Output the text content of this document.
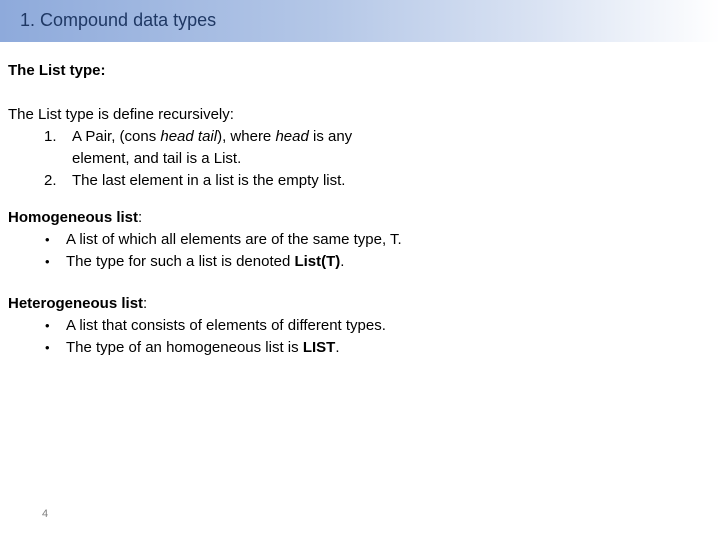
1. Compound data types
The List type:
The List type is define recursively:
1. A Pair, (cons head tail), where head is any
element, and tail is a List.
2. The last element in a list is the empty list.
Homogeneous list:
• A list of which all elements are of the same type, T.
• The type for such a list is denoted List(T).
Heterogeneous list:
• A list that consists of elements of different types.
• The type of an homogeneous list is LIST.
4
